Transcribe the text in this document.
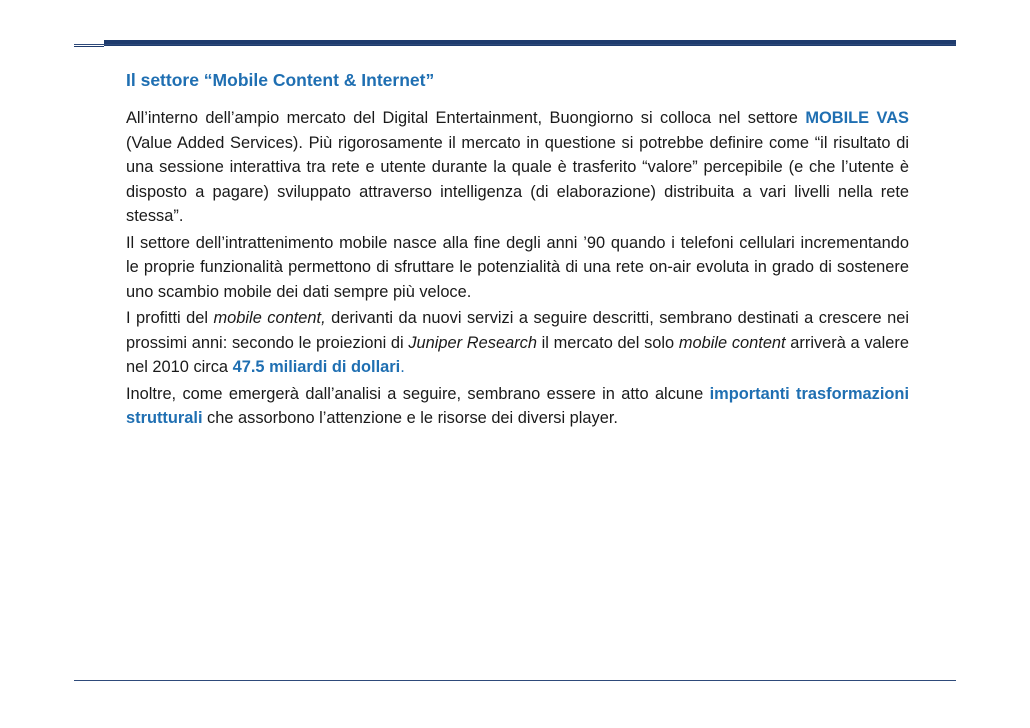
Il settore “Mobile Content & Internet”

All’interno dell’ampio mercato del Digital Entertainment, Buongiorno si colloca nel settore MOBILE VAS (Value Added Services). Più rigorosamente il mercato in questione si potrebbe definire come “il risultato di una sessione interattiva tra rete e utente durante la quale è trasferito “valore” percepibile (e che l’utente è disposto a pagare) sviluppato attraverso intelligenza (di elaborazione) distribuita a vari livelli nella rete stessa”.

Il settore dell’intrattenimento mobile nasce alla fine degli anni ’90 quando i telefoni cellulari incrementando le proprie funzionalità permettono di sfruttare le potenzialità di una rete on-air evoluta in grado di sostenere uno scambio mobile dei dati sempre più veloce.

I profitti del mobile content, derivanti da nuovi servizi a seguire descritti, sembrano destinati a crescere nei prossimi anni: secondo le proiezioni di Juniper Research il mercato del solo mobile content arriverà a valere nel 2010 circa 47.5 miliardi di dollari.

Inoltre, come emergerà dall’analisi a seguire, sembrano essere in atto alcune importanti trasformazioni strutturali che assorbono l’attenzione e le risorse dei diversi player.
